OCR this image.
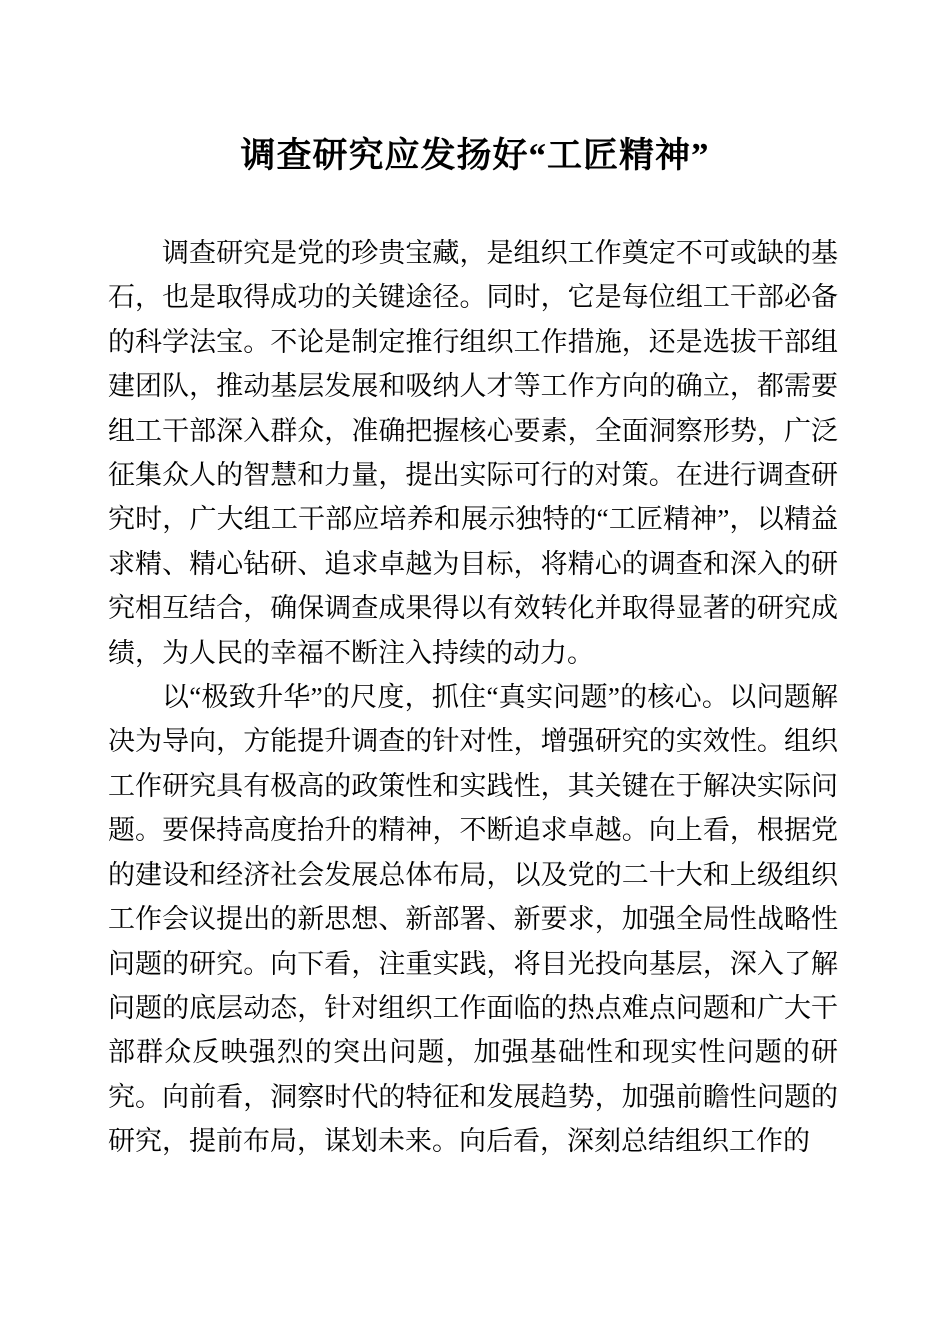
调查研究应发扬好“工匠精神”

调查研究是党的珍贵宝藏，是组织工作奠定不可或缺的基石，也是取得成功的关键途径。同时，它是每位组工干部必备的科学法宝。不论是制定推行组织工作措施，还是选拔干部组建团队，推动基层发展和吸纳人才等工作方向的确立，都需要组工干部深入群众，准确把握核心要素，全面洞察形势，广泛征集众人的智慧和力量，提出实际可行的对策。在进行调查研究时，广大组工干部应培养和展示独特的“工匠精神”，以精益求精、精心钻研、追求卓越为目标，将精心的调查和深入的研究相互结合，确保调查成果得以有效转化并取得显著的研究成绩，为人民的幸福不断注入持续的动力。

以“极致升华”的尺度，抓住“真实问题”的核心。以问题解决为导向，方能提升调查的针对性，增强研究的实效性。组织工作研究具有极高的政策性和实践性，其关键在于解决实际问题。要保持高度抬升的精神，不断追求卓越。向上看，根据党的建设和经济社会发展总体布局，以及党的二十大和上级组织工作会议提出的新思想、新部署、新要求，加强全局性战略性问题的研究。向下看，注重实践，将目光投向基层，深入了解问题的底层动态，针对组织工作面临的热点难点问题和广大干部群众反映强烈的突出问题，加强基础性和现实性问题的研究。向前看，洞察时代的特征和发展趋势，加强前瞻性问题的研究，提前布局，谋划未来。向后看，深刻总结组织工作的
